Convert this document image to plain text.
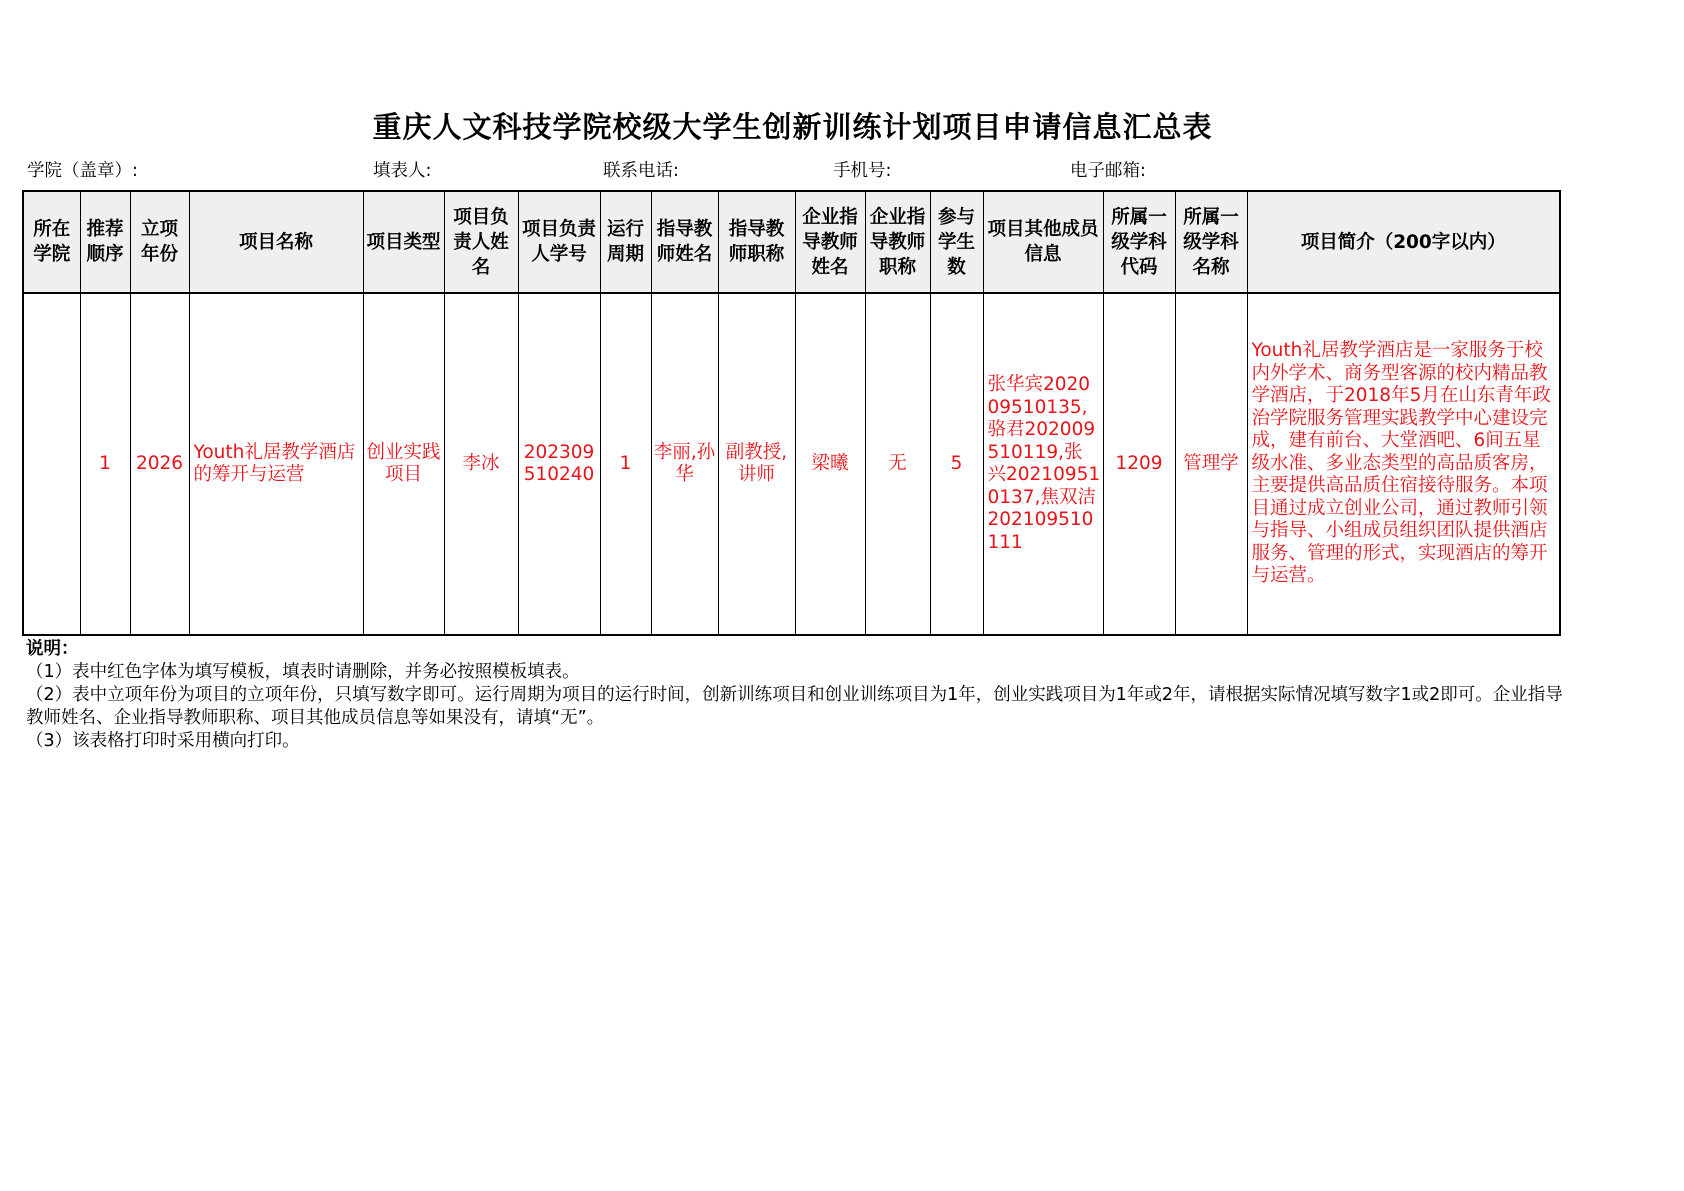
重庆人文科技学院校级大学生创新训练计划项目申请信息汇总表
学院（盖章）:	填表人:	联系电话:	手机号:	电子邮箱:
所在学院	推荐顺序	立项年份	项目名称	项目类型	项目负责人姓名	项目负责人学号	运行周期	指导教师姓名	指导教师职称	企业指导教师姓名	企业指导教师职称	参与学生数	项目其他成员信息	所属一级学科代码	所属一级学科名称	项目简介（200字以内）
	1	2026	Youth礼居教学酒店的筹开与运营	创业实践项目	李冰	202309510240	1	李丽,孙华	副教授,讲师	梁曦	无	5	张华宾202009510135,骆君202009510119,张兴202109510137,焦双洁202109510111	1209	管理学	Youth礼居教学酒店是一家服务于校内外学术、商务型客源的校内精品教学酒店，于2018年5月在山东青年政治学院服务管理实践教学中心建设完成，建有前台、大堂酒吧、6间五星级水准、多业态类型的高品质客房，主要提供高品质住宿接待服务。本项目通过成立创业公司，通过教师引领与指导、小组成员组织团队提供酒店服务、管理的形式，实现酒店的筹开与运营。
说明：
（1）表中红色字体为填写模板，填表时请删除，并务必按照模板填表。
（2）表中立项年份为项目的立项年份，只填写数字即可。运行周期为项目的运行时间，创新训练项目和创业训练项目为1年，创业实践项目为1年或2年，请根据实际情况填写数字1或2即可。企业指导教师姓名、企业指导教师职称、项目其他成员信息等如果没有，请填“无”。
（3）该表格打印时采用横向打印。
